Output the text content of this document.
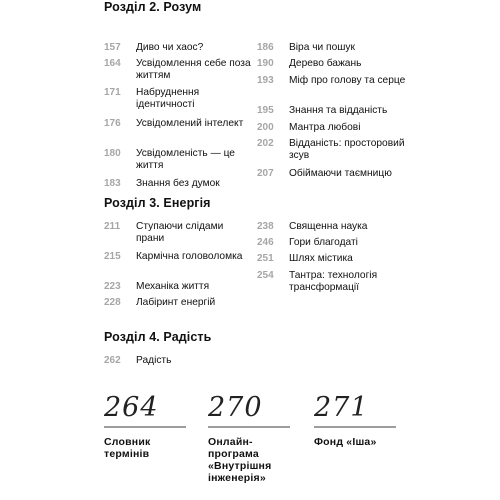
Розділ 2. Розум
157	Диво чи хаос?
164	Усвідомлення себе поза життям
171	Набруднення ідентичності
176	Усвідомлений інтелект
180	Усвідомленість — це життя
183	Знання без думок
186	Віра чи пошук
190	Дерево бажань
193	Міф про голову та серце
195	Знання та відданість
200	Мантра любові
202	Відданість: просторовий зсув
207	Обіймаючи таємницю
Розділ 3. Енергія
211	Ступаючи слідами прани
215	Кармічна головоломка
223	Механіка життя
228	Лабіринт енергій
238	Священна наука
246	Гори благодаті
251	Шлях містика
254	Тантра: технологія трансформації
Розділ 4. Радість
262	Радість
264
Словник термінів
270
Онлайн-програма «Внутрішня інженерія»
271
Фонд «Іша»
